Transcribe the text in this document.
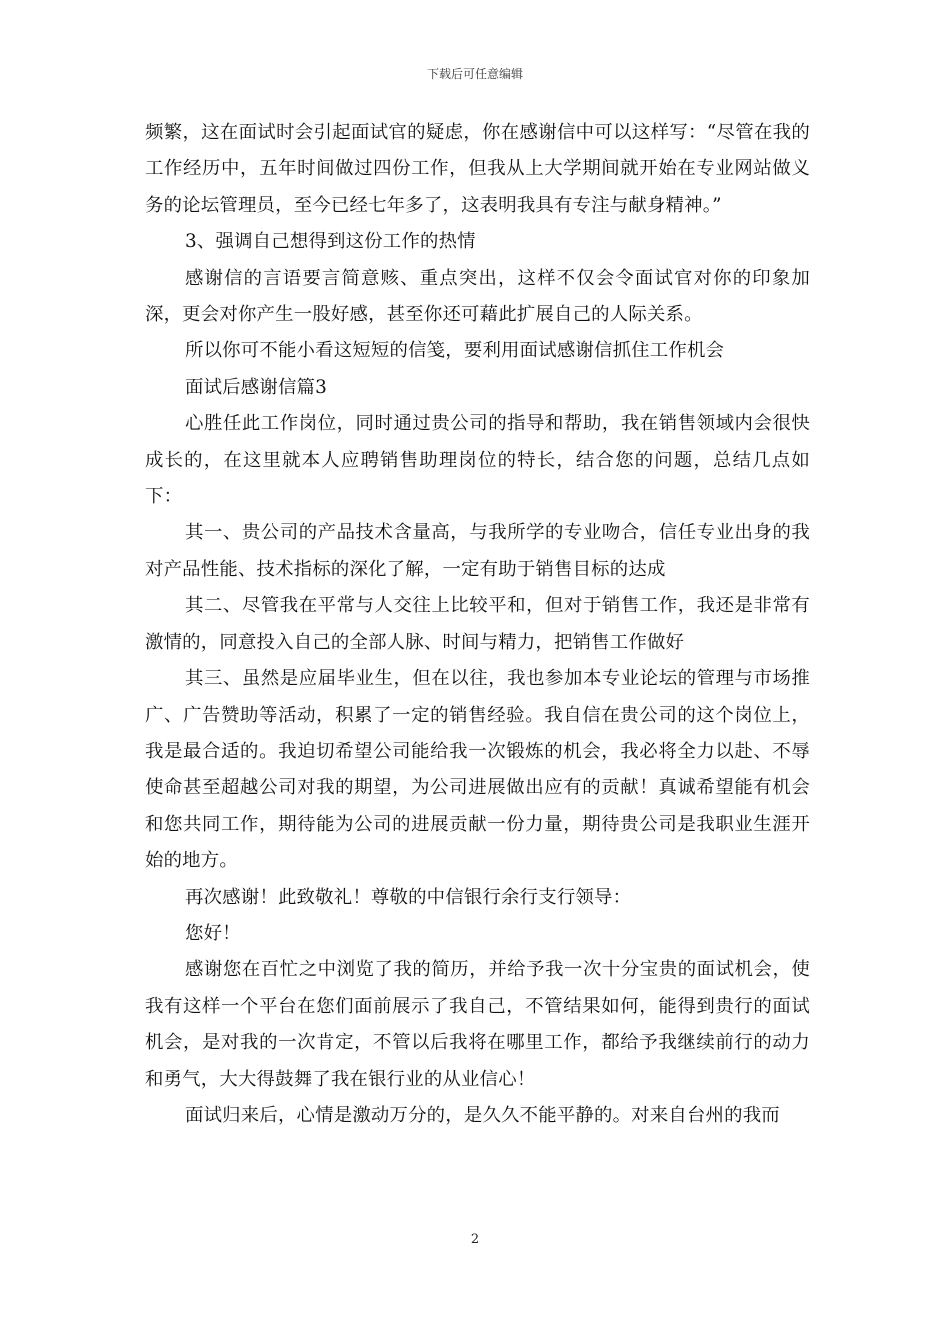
下载后可任意编辑

频繁，这在面试时会引起面试官的疑虑，你在感谢信中可以这样写：“尽管在我的工作经历中，五年时间做过四份工作，但我从上大学期间就开始在专业网站做义务的论坛管理员，至今已经七年多了，这表明我具有专注与献身精神。”

3、强调自己想得到这份工作的热情

感谢信的言语要言简意赅、重点突出，这样不仅会令面试官对你的印象加深，更会对你产生一股好感，甚至你还可藉此扩展自己的人际关系。

所以你可不能小看这短短的信笺，要利用面试感谢信抓住工作机会

面试后感谢信篇3

心胜任此工作岗位，同时通过贵公司的指导和帮助，我在销售领域内会很快成长的，在这里就本人应聘销售助理岗位的特长，结合您的问题，总结几点如下：

其一、贵公司的产品技术含量高，与我所学的专业吻合，信任专业出身的我对产品性能、技术指标的深化了解，一定有助于销售目标的达成

其二、尽管我在平常与人交往上比较平和，但对于销售工作，我还是非常有激情的，同意投入自己的全部人脉、时间与精力，把销售工作做好

其三、虽然是应届毕业生，但在以往，我也参加本专业论坛的管理与市场推广、广告赞助等活动，积累了一定的销售经验。我自信在贵公司的这个岗位上，我是最合适的。我迫切希望公司能给我一次锻炼的机会，我必将全力以赴、不辱使命甚至超越公司对我的期望，为公司进展做出应有的贡献！真诚希望能有机会和您共同工作，期待能为公司的进展贡献一份力量，期待贵公司是我职业生涯开始的地方。

再次感谢！此致敬礼！尊敬的中信银行余行支行领导：

您好！

感谢您在百忙之中浏览了我的简历，并给予我一次十分宝贵的面试机会，使我有这样一个平台在您们面前展示了我自己，不管结果如何，能得到贵行的面试机会，是对我的一次肯定，不管以后我将在哪里工作，都给予我继续前行的动力和勇气，大大得鼓舞了我在银行业的从业信心！

面试归来后，心情是激动万分的，是久久不能平静的。对来自台州的我而

2
